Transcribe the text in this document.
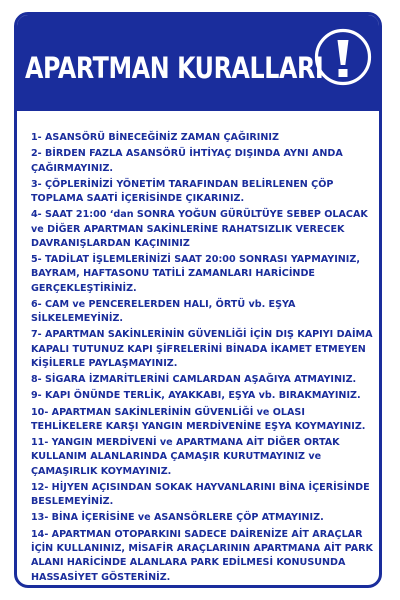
APARTMAN KURALLARI
1- ASANSÖRÜ BİNECEĞİNİZ ZAMAN ÇAĞIRINIZ
2- BİRDEN FAZLA ASANSÖRÜ İHTİYAÇ DIŞINDA AYNI ANDA ÇAĞIRMAYINIZ.
3- ÇÖPLERİNİZİ YÖNETİM TARAFINDAN BELİRLENEN ÇÖP TOPLAMA SAATİ İÇERİSİNDE ÇIKARINIZ.
4- SAAT 21:00 ‘dan SONRA YOĞUN GÜRÜLTÜYE SEBEP OLACAK ve DİĞER APARTMAN SAKİNLERİNE RAHATSIZLIK VERECEK DAVRANIŞLARDAN KAÇININIZ
5- TADİLAT İŞLEMLERİNİZİ SAAT 20:00 SONRASI YAPMAYINIZ, BAYRAM, HAFTASONU TATİLİ ZAMANLARI HARİCİNDE GERÇEKLEŞTİRİNİZ.
6- CAM ve PENCERELERDEN HALI, ÖRTÜ vb. EŞYA SİLKELEMEYİNİZ.
7- APARTMAN SAKİNLERİNİN GÜVENLİĞİ İÇİN DIŞ KAPIYI DAİMA KAPALI TUTUNUZ KAPI ŞİFRELERİNİ BİNADA İKAMET ETMEYEN KİŞİLERLE PAYLAŞMAYINIZ.
8- SİGARA İZMARİTLERİNİ CAMLARDAN AŞAĞIYA ATMAYINIZ.
9- KAPI ÖNÜNDE TERLİK, AYAKKABI, EŞYA vb. BIRAKMAYINIZ.
10- APARTMAN SAKİNLERİNİN GÜVENLİĞİ ve OLASI TEHLİKELERE KARŞI YANGIN MERDİVENİNE EŞYA KOYMAYINIZ.
11- YANGIN MERDİVENİ ve APARTMANA AİT DİĞER ORTAK KULLANIM ALANLARINDA ÇAMAŞIR KURUTMAYINIZ ve ÇAMAŞIRLIK KOYMAYINIZ.
12- HİJYEN AÇISINDAN SOKAK HAYVANLARINI BİNA İÇERİSİNDE BESLEMEYİNİZ.
13- BİNA İÇERİSİNE ve ASANSÖRLERE ÇÖP ATMAYINIZ.
14- APARTMAN OTOPARKINI SADECE DAİRENİZE AİT ARAÇLAR İÇİN KULLANINIZ, MİSAFİR ARAÇLARININ APARTMANA AİT PARK ALANI HARİCİNDE ALANLARA PARK EDİLMESİ KONUSUNDA HASSASİYET GÖSTERİNİZ.
